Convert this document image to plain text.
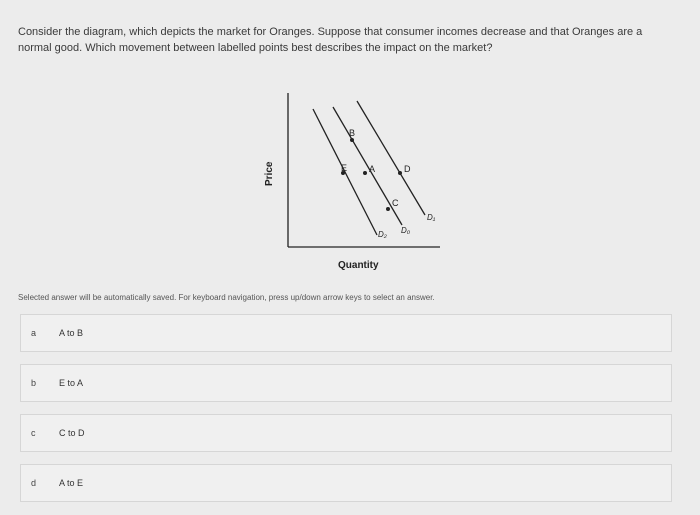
Consider the diagram, which depicts the market for Oranges. Suppose that consumer incomes decrease and that Oranges are a
normal good. Which movement between labelled points best describes the impact on the market?
Price
Quantity
B
E A	D
C
D₂ D₀
D₁
Selected answer will be automatically saved. For keyboard navigation, press up/down arrow keys to select an answer.
a	A to B
b	E to A
c	C to D
d	A to E
